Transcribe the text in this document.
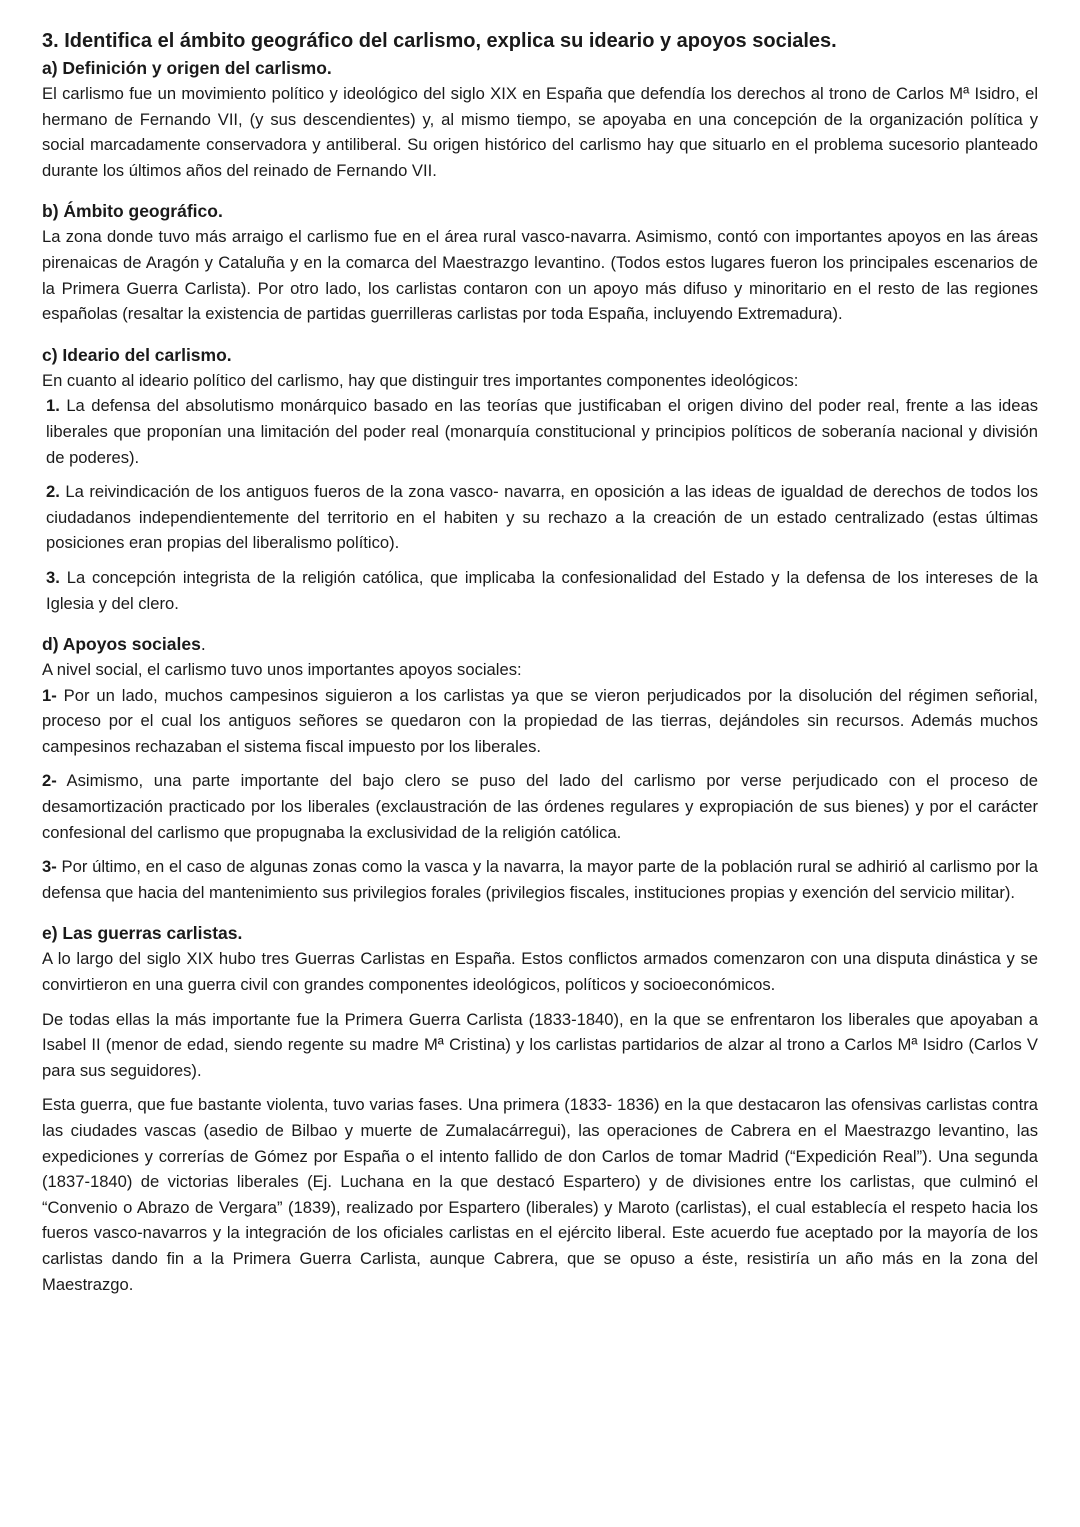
3. Identifica el ámbito geográfico del carlismo, explica su ideario y apoyos sociales.
a) Definición y origen del carlismo.

El carlismo fue un movimiento político y ideológico del siglo XIX en España que defendía los derechos al trono de Carlos Mª Isidro, el hermano de Fernando VII, (y sus descendientes) y, al mismo tiempo, se apoyaba en una concepción de la organización política y social marcadamente conservadora y antiliberal. Su origen histórico del carlismo hay que situarlo en el problema sucesorio planteado durante los últimos años del reinado de Fernando VII.

b) Ámbito geográfico.

La zona donde tuvo más arraigo el carlismo fue en el área rural vasco-navarra. Asimismo, contó con importantes apoyos en las áreas pirenaicas de Aragón y Cataluña y en la comarca del Maestrazgo levantino. (Todos estos lugares fueron los principales escenarios de la Primera Guerra Carlista). Por otro lado, los carlistas contaron con un apoyo más difuso y minoritario en el resto de las regiones españolas (resaltar la existencia de partidas guerrilleras carlistas por toda España, incluyendo Extremadura).

c) Ideario del carlismo.

En cuanto al ideario político del carlismo, hay que distinguir tres importantes componentes ideológicos:

1. La defensa del absolutismo monárquico basado en las teorías que justificaban el origen divino del poder real, frente a las ideas liberales que proponían una limitación del poder real (monarquía constitucional y principios políticos de soberanía nacional y división de poderes).

2. La reivindicación de los antiguos fueros de la zona vasco- navarra, en oposición a las ideas de igualdad de derechos de todos los ciudadanos independientemente del territorio en el habiten y su rechazo a la creación de un estado centralizado (estas últimas posiciones eran propias del liberalismo político).

3. La concepción integrista de la religión católica, que implicaba la confesionalidad del Estado y la defensa de los intereses de la Iglesia y del clero.

d) Apoyos sociales.

A nivel social, el carlismo tuvo unos importantes apoyos sociales:

1- Por un lado, muchos campesinos siguieron a los carlistas ya que se vieron perjudicados por la disolución del régimen señorial, proceso por el cual los antiguos señores se quedaron con la propiedad de las tierras, dejándoles sin recursos. Además muchos campesinos rechazaban el sistema fiscal impuesto por los liberales.

2- Asimismo, una parte importante del bajo clero se puso del lado del carlismo por verse perjudicado con el proceso de desamortización practicado por los liberales (exclaustración de las órdenes regulares y expropiación de sus bienes) y por el carácter confesional del carlismo que propugnaba la exclusividad de la religión católica.

3- Por último, en el caso de algunas zonas como la vasca y la navarra, la mayor parte de la población rural se adhirió al carlismo por la defensa que hacia del mantenimiento sus privilegios forales (privilegios fiscales, instituciones propias y exención del servicio militar).

e) Las guerras carlistas.

A lo largo del siglo XIX hubo tres Guerras Carlistas en España. Estos conflictos armados comenzaron con una disputa dinástica y se convirtieron en una guerra civil con grandes componentes ideológicos, políticos y socioeconómicos.

De todas ellas la más importante fue la Primera Guerra Carlista (1833-1840), en la que se enfrentaron los liberales que apoyaban a Isabel II (menor de edad, siendo regente su madre Mª Cristina) y los carlistas partidarios de alzar al trono a Carlos Mª Isidro (Carlos V para sus seguidores).

Esta guerra, que fue bastante violenta, tuvo varias fases. Una primera (1833- 1836) en la que destacaron las ofensivas carlistas contra las ciudades vascas (asedio de Bilbao y muerte de Zumalacárregui), las operaciones de Cabrera en el Maestrazgo levantino, las expediciones y correrías de Gómez por España o el intento fallido de don Carlos de tomar Madrid (“Expedición Real”). Una segunda (1837-1840) de victorias liberales (Ej. Luchana en la que destacó Espartero) y de divisiones entre los carlistas, que culminó el “Convenio o Abrazo de Vergara” (1839), realizado por Espartero (liberales) y Maroto (carlistas), el cual establecía el respeto hacia los fueros vasco-navarros y la integración de los oficiales carlistas en el ejército liberal. Este acuerdo fue aceptado por la mayoría de los carlistas dando fin a la Primera Guerra Carlista, aunque Cabrera, que se opuso a éste, resistiría un año más en la zona del Maestrazgo.
